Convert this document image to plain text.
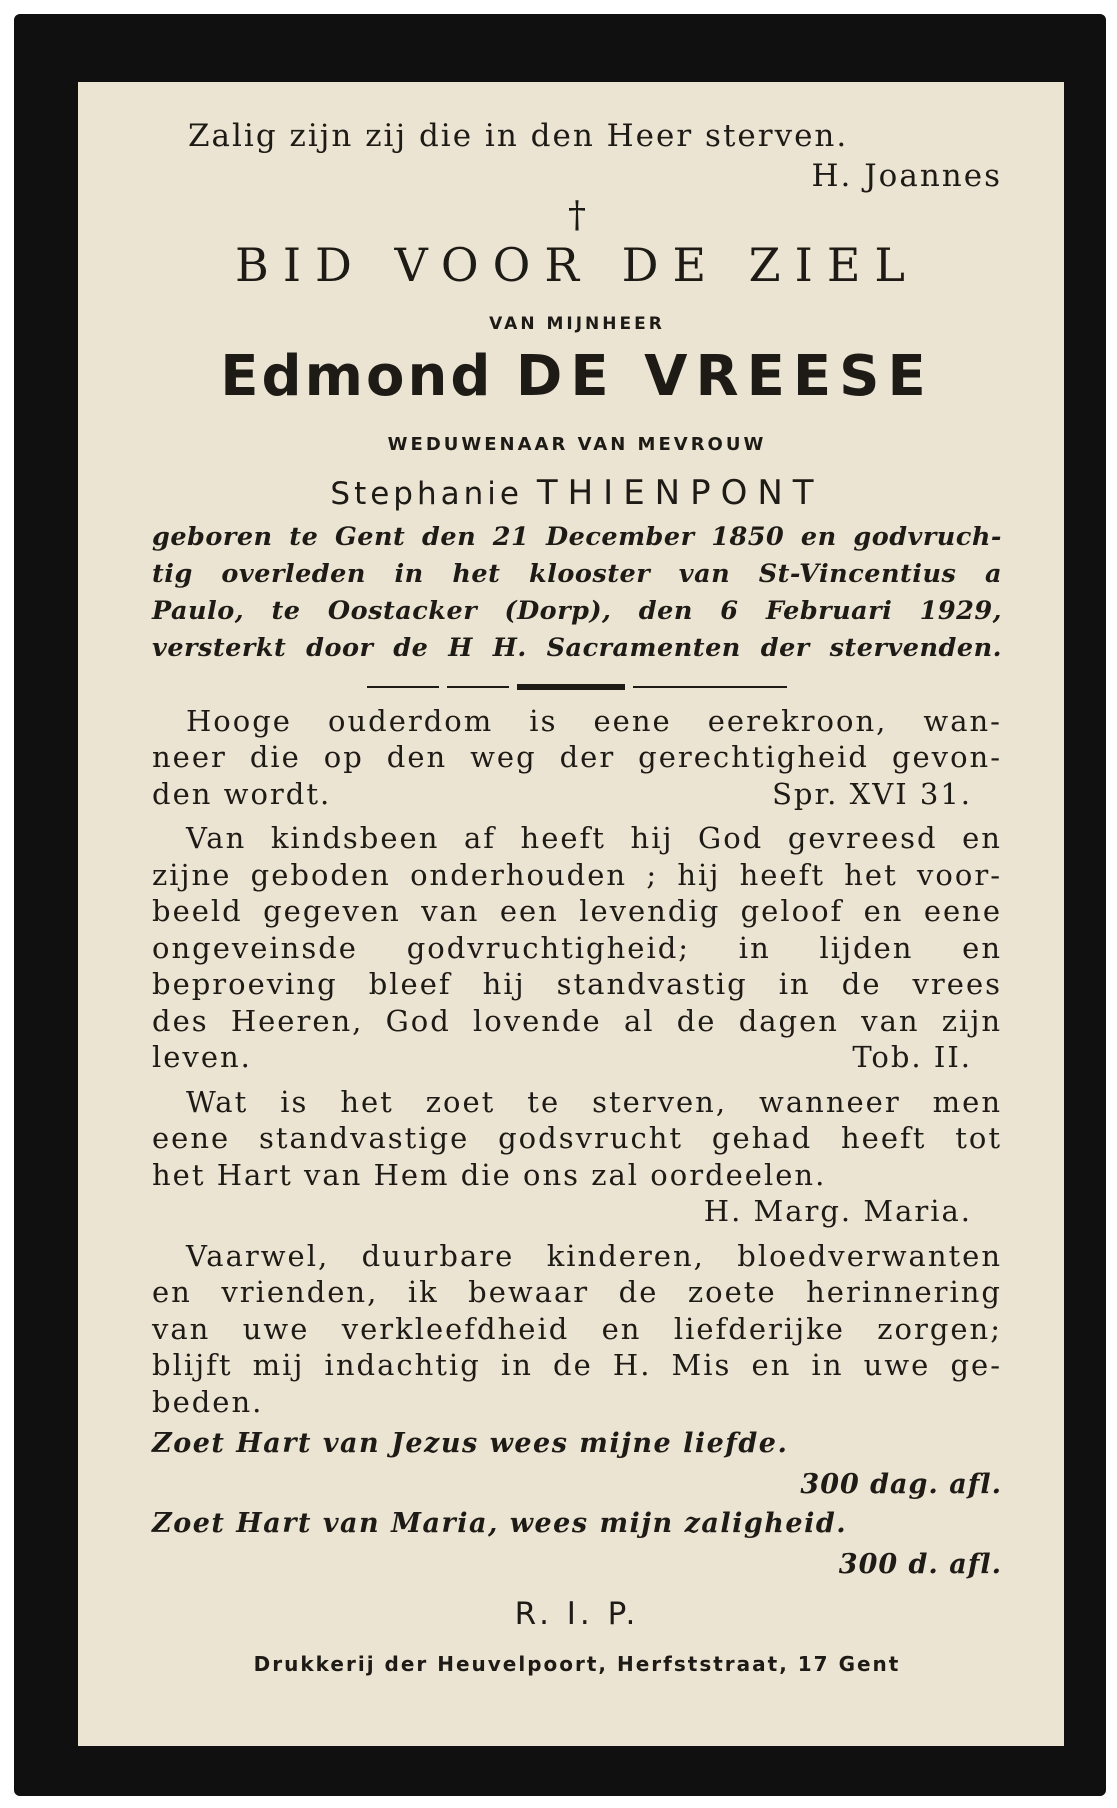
Zalig zijn zij die in den Heer sterven.
H. Joannes
†
BID VOOR DE ZIEL
VAN MIJNHEER
Edmond DE VREESE
WEDUWENAAR VAN MEVROUW
Stephanie THIENPONT
geboren te Gent den 21 December 1850 en godvruch-
tig overleden in het klooster van St-Vincentius a
Paulo, te Oostacker (Dorp), den 6 Februari 1929,
versterkt door de H H. Sacramenten der stervenden.
Hooge ouderdom is eene eerekroon, wan-
neer die op den weg der gerechtigheid gevon-
den wordt.	Spr. XVI 31.
Van kindsbeen af heeft hij God gevreesd en
zijne geboden onderhouden ; hij heeft het voor-
beeld gegeven van een levendig geloof en eene
ongeveinsde godvruchtigheid; in lijden en
beproeving bleef hij standvastig in de vrees
des Heeren, God lovende al de dagen van zijn
leven.	Tob. II.
Wat is het zoet te sterven, wanneer men
eene standvastige godsvrucht gehad heeft tot
het Hart van Hem die ons zal oordeelen.
H. Marg. Maria.
Vaarwel, duurbare kinderen, bloedverwanten
en vrienden, ik bewaar de zoete herinnering
van uwe verkleefdheid en liefderijke zorgen;
blijft mij indachtig in de H. Mis en in uwe ge-
beden.
Zoet Hart van Jezus wees mijne liefde.
300 dag. afl.
Zoet Hart van Maria, wees mijn zaligheid.
300 d. afl.
R. I. P.
Drukkerij der Heuvelpoort, Herfststraat, 17 Gent
